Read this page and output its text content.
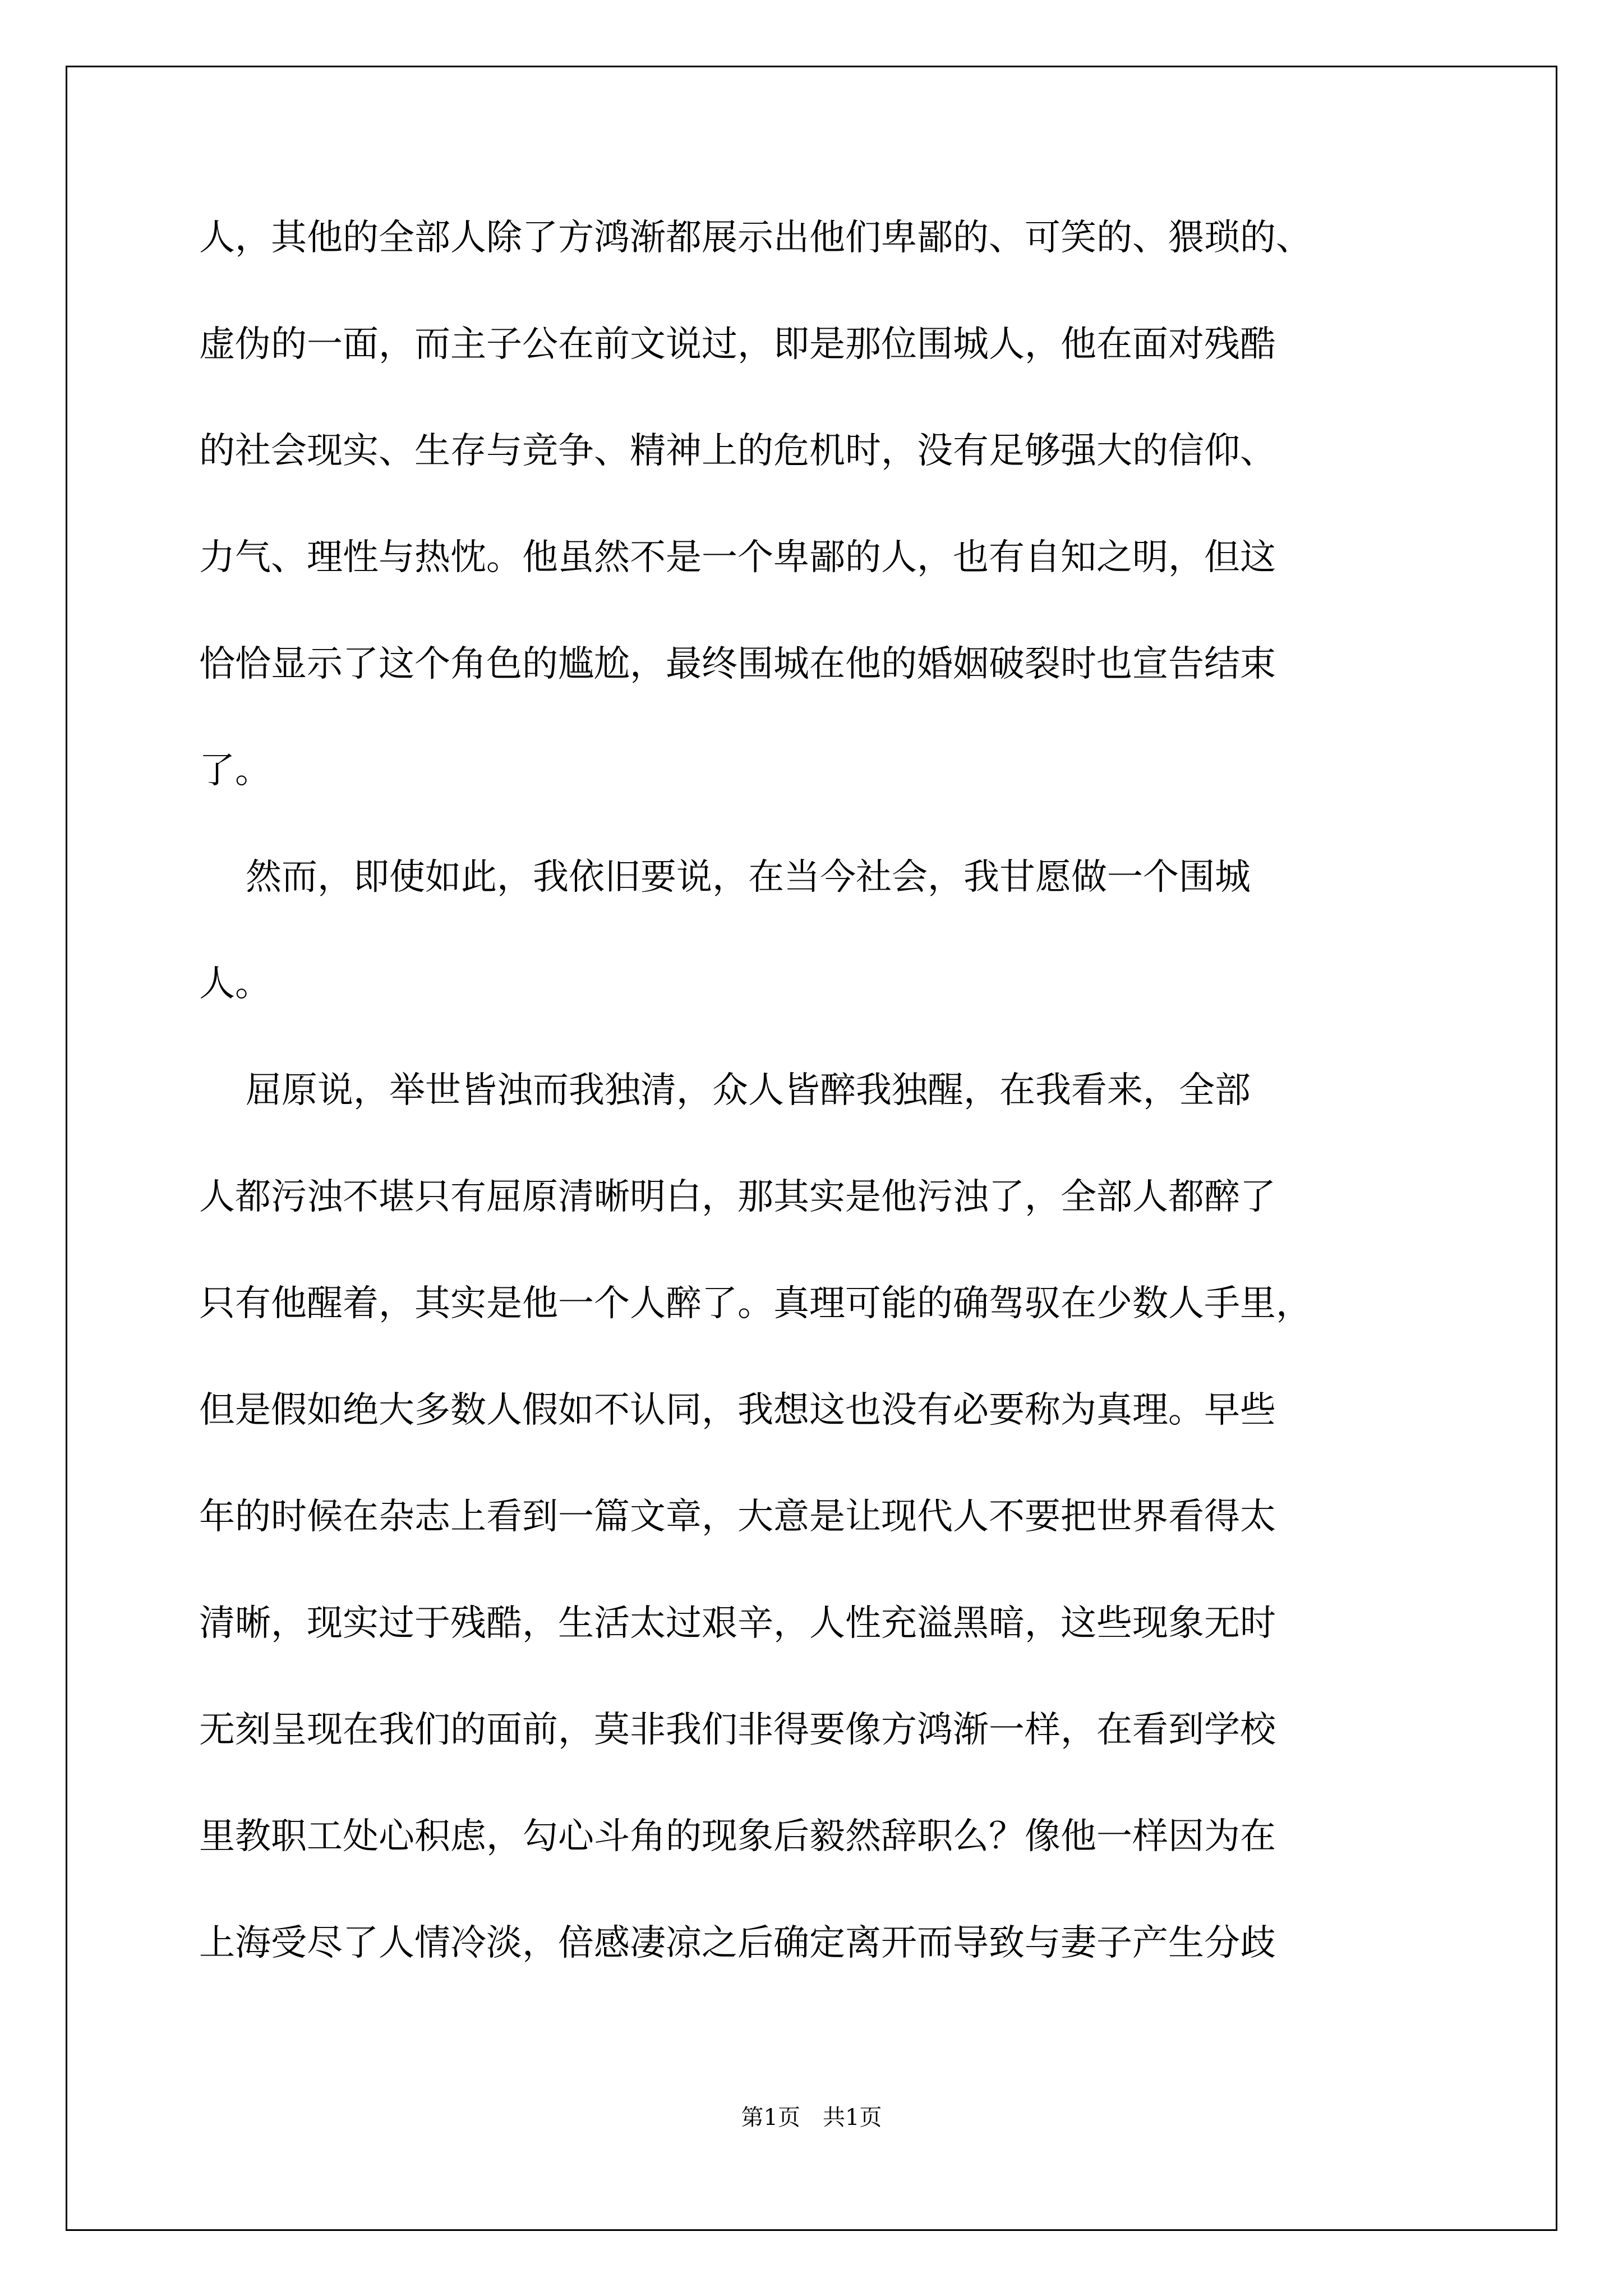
人，其他的全部人除了方鸿渐都展示出他们卑鄙的、可笑的、猥琐的、

虚伪的一面，而主子公在前文说过，即是那位围城人，他在面对残酷

的社会现实、生存与竞争、精神上的危机时，没有足够强大的信仰、

力气、理性与热忱。他虽然不是一个卑鄙的人，也有自知之明，但这

恰恰显示了这个角色的尴尬，最终围城在他的婚姻破裂时也宣告结束

了。

然而，即使如此，我依旧要说，在当今社会，我甘愿做一个围城

人。

屈原说，举世皆浊而我独清，众人皆醉我独醒，在我看来，全部

人都污浊不堪只有屈原清晰明白，那其实是他污浊了，全部人都醉了

只有他醒着，其实是他一个人醉了。真理可能的确驾驭在少数人手里，

但是假如绝大多数人假如不认同，我想这也没有必要称为真理。早些

年的时候在杂志上看到一篇文章，大意是让现代人不要把世界看得太

清晰，现实过于残酷，生活太过艰辛，人性充溢黑暗，这些现象无时

无刻呈现在我们的面前，莫非我们非得要像方鸿渐一样，在看到学校

里教职工处心积虑，勾心斗角的现象后毅然辞职么？像他一样因为在

上海受尽了人情冷淡，倍感凄凉之后确定离开而导致与妻子产生分歧

第1页　共1页
